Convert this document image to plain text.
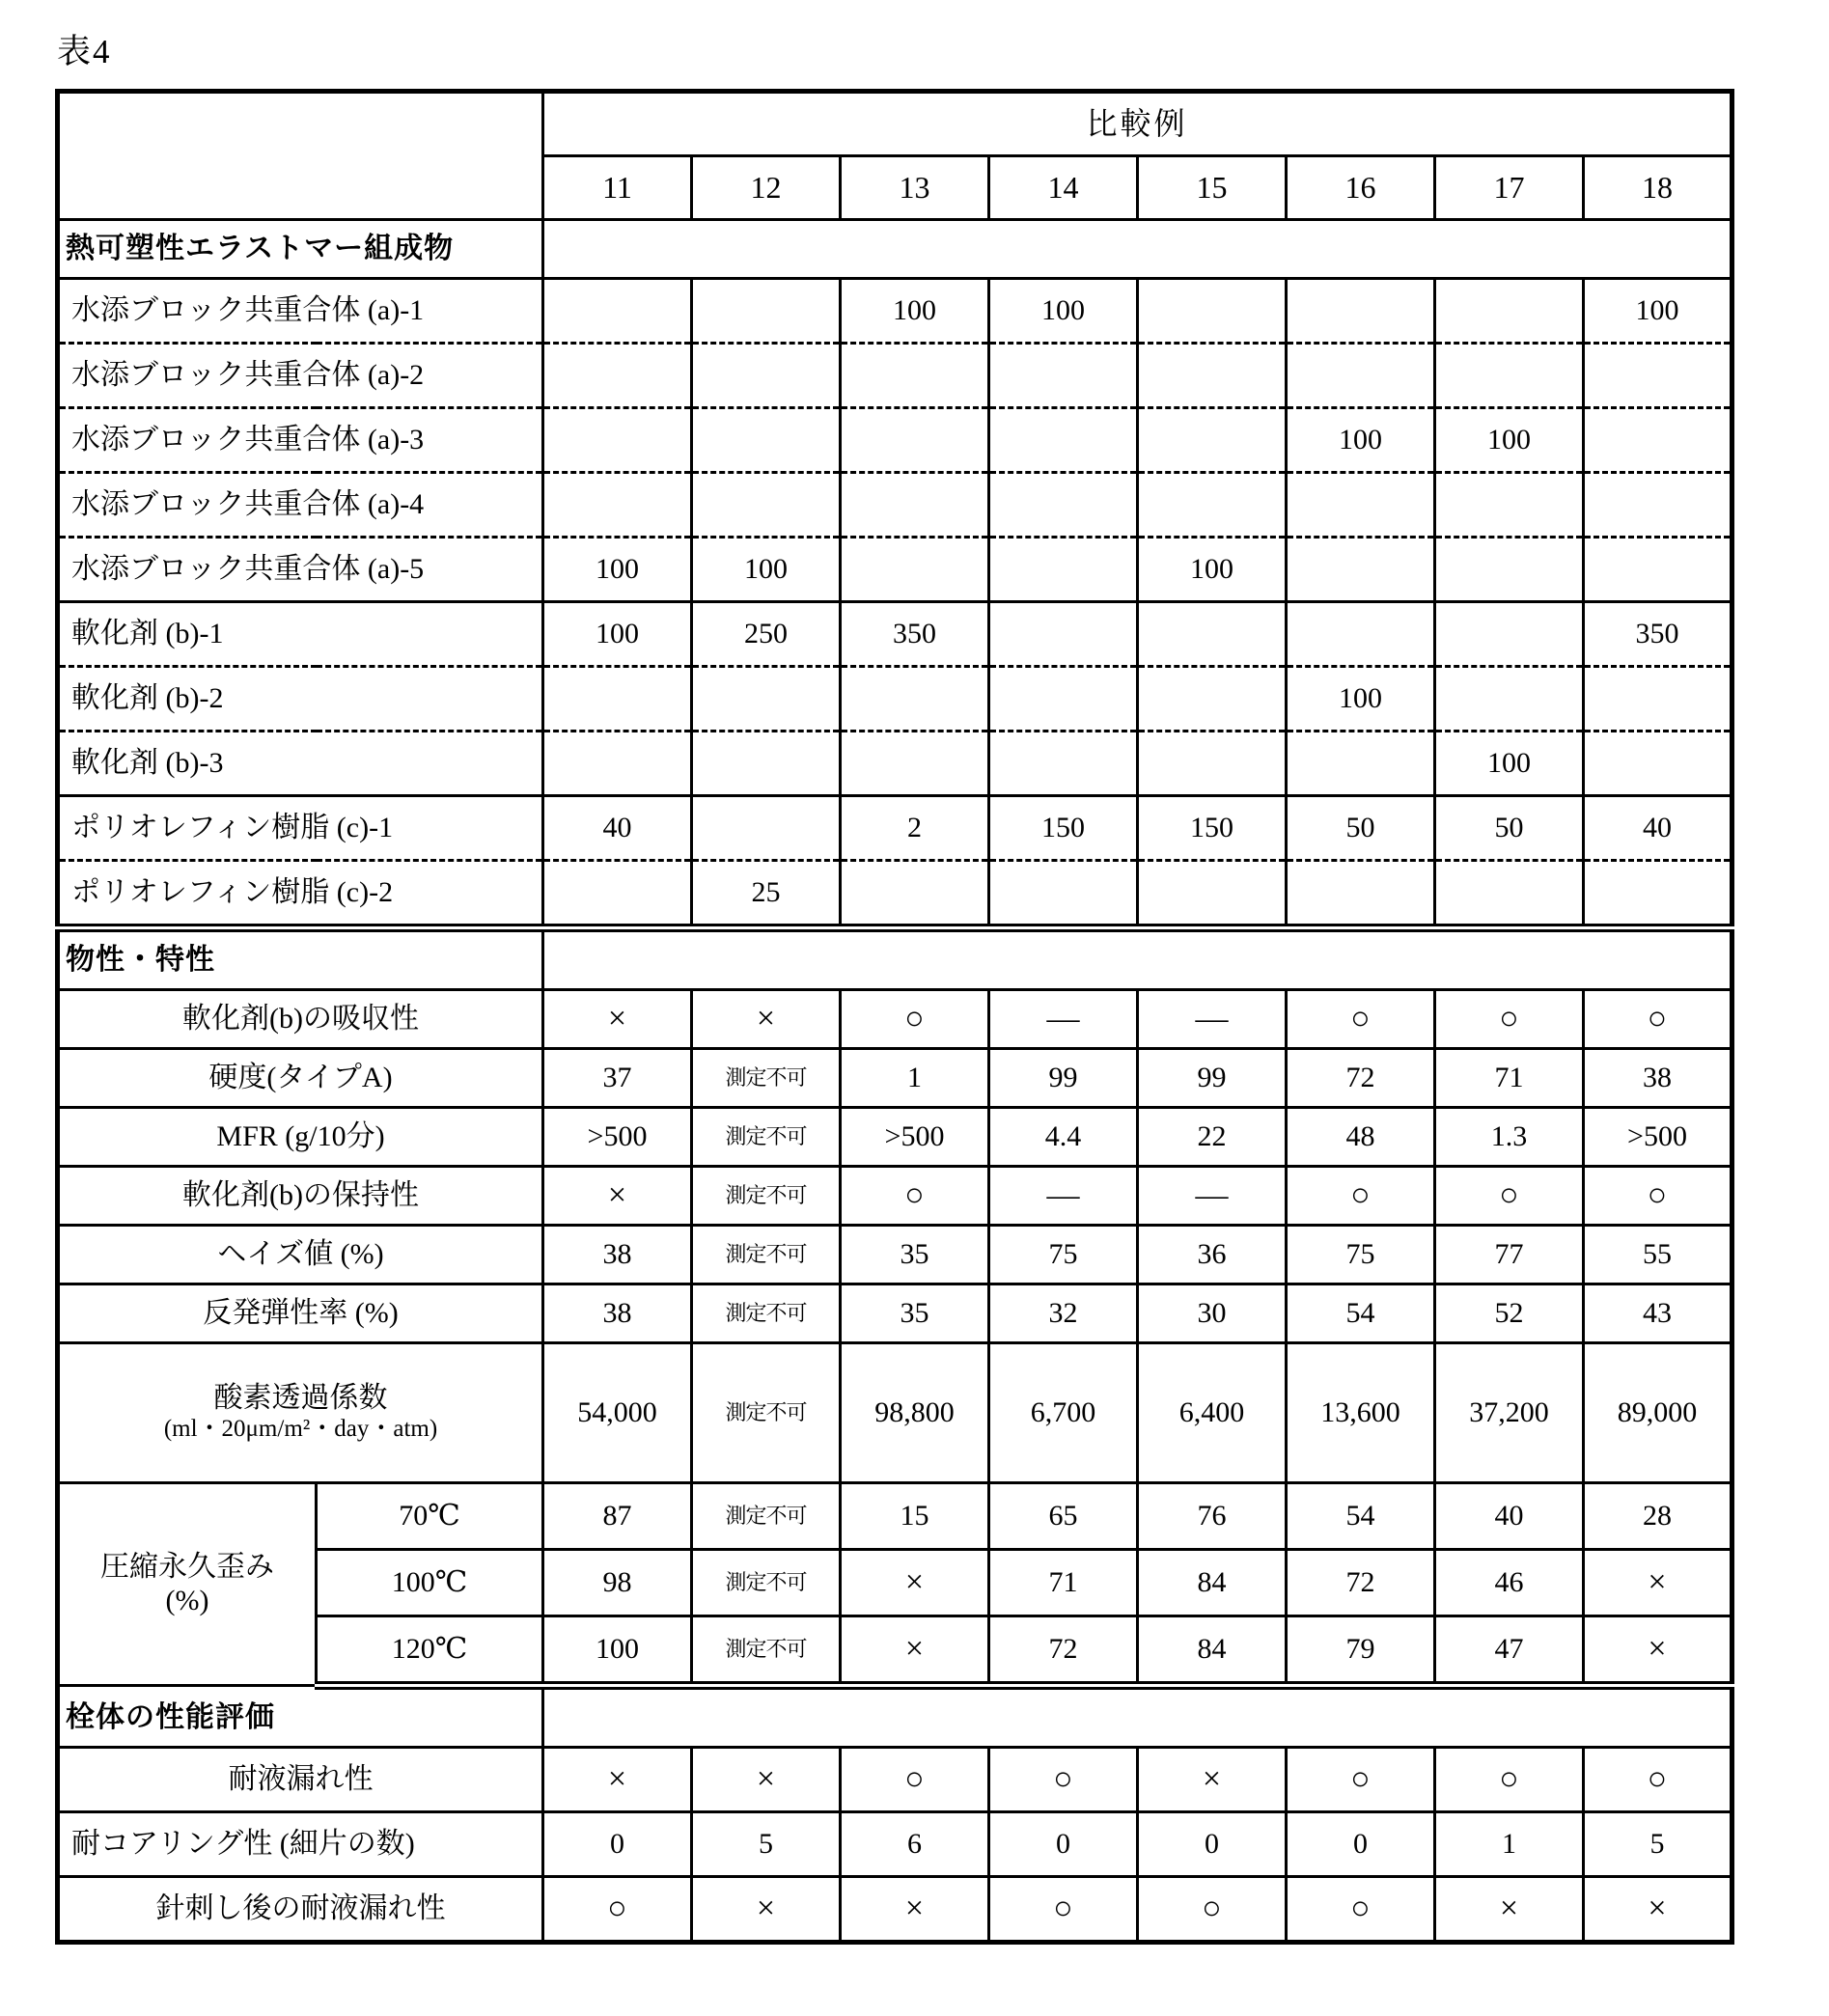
表4
		比較例							
		11	12	13	14	15	16	17	18
熱可塑性エラストマー組成物									
水添ブロック共重合体 (a)-1				100	100				100
水添ブロック共重合体 (a)-2									
水添ブロック共重合体 (a)-3							100	100	
水添ブロック共重合体 (a)-4									
水添ブロック共重合体 (a)-5		100	100			100			
軟化剤 (b)-1		100	250	350					350
軟化剤 (b)-2							100		
軟化剤 (b)-3								100	
ポリオレフィン樹脂 (c)-1		40		2	150	150	50	50	40
ポリオレフィン樹脂 (c)-2			25						
物性・特性									
軟化剤(b)の吸収性		×	×	○	—	—	○	○	○
硬度(タイプA)		37	測定不可	1	99	99	72	71	38
MFR (g/10分)		>500	測定不可	>500	4.4	22	48	1.3	>500
軟化剤(b)の保持性		×	測定不可	○	—	—	○	○	○
ヘイズ値 (%)		38	測定不可	35	75	36	75	77	55
反発弾性率 (%)		38	測定不可	35	32	30	54	52	43

酸素透過係数
(ml・20μm/m²・day・atm)		54,000	測定不可	98,800	6,700	6,400	13,600	37,200	89,000

圧縮永久歪み
(%)	70℃	87	測定不可	15	65	76	54	40	28
	100℃	98	測定不可	×	71	84	72	46	×
	120℃	100	測定不可	×	72	84	79	47	×
栓体の性能評価									
耐液漏れ性		×	×	○	○	×	○	○	○
耐コアリング性 (細片の数)		0	5	6	0	0	0	1	5
針刺し後の耐液漏れ性		○	×	×	○	○	○	×	×
